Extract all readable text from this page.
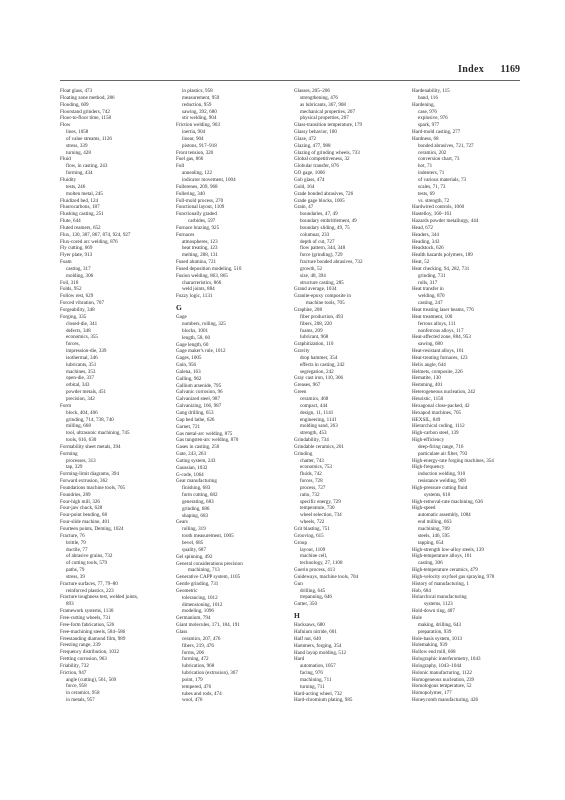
Index 1169
Float glass, 473
Floating zone method, 286
Flooding, 609
Floorstand grinders, 742
Floor-to-floor time, 1158
Flow
lines, 1058
of value streams, 1126
stress, 339
turning, 428
Fluid
flow, in casting, 243
forming, 434
Fluidity
tests, 246
molten metal, 245
Fluidized bed, 124
Fluorocarbons, 187
Flushing casting, 251
Flute, 644
Fluted reamers, 652
Flux, 130, 387, 867, 874, 924, 927
Flux-cored arc welding, 876
Fly cutting, 669
Flyer plate, 913
Foam
casting, 317
molding, 306
Foil, 318
Folds, 952
Follow rest, 629
Forced vibration, 707
Forgeability, 348
Forging, 335
closed-die, 341
defects, 348
economics, 355
forces,
impression-die, 339
isothermal, 346
lubricants, 351
machines, 353
open-die, 337
orbital, 343
powder metals, 451
precision, 342
Form
block, 404, 406
grinding, 714, 738, 740
milling, 668
tool, ultrasonic machining, 745
tools, 616, 630
Formability sheet metals, 394
Forming
processes, 313
tap, 329
Forming-limit diagrams, 394
Forward extrusion, 362
Foundations machine tools, 705
Foundries, 289
Four-high mill, 326
Four-jaw chuck, 628
Four-point bending, 68
Four-slide machine, 401
Fourteen points, Deming, 1024
Fracture, 76
brittle, 79
ductile, 77
of abrasive grains, 732
of cutting tools, 579
paths, 79
stress, 39
Fracture surfaces, 77, 79–80
reinforced plastics, 223
Fracture toughness test, welded joints,
893
Framework systems, 1130
Free-cutting wheels, 731
Free-form fabrication, 526
Free-machining steels, 584–586
Freestanding diamond film, 989
Freezing range, 239
Frequency distribution, 1032
Fretting corrosion, 963
Friability, 732
Friction, 947
angle (cutting), 561, 569
force, 958
in ceramics, 958
in metals, 957
in plastics, 958
measurement, 959
reduction, 959
sawing, 392, 680
stir welding, 904
Friction welding, 903
inertia, 904
linear, 904
pistons, 917–918
Front tension, 320
Fuel gas, 866
Full
annealing, 122
indicator movement, 1004
Fullerenes, 209, 968
Fullering, 340
Full-mold process, 270
Functional layout, 1109
Functionally graded
carbides, 597
Furnace brazing, 925
Furnaces
atmospheres, 123
heat treating, 123
melting, 288, 131
Fused alumina, 721
Fused deposition modeling, 510
Fusion welding, 863, 865
characteristics, 866
weld joints, 884
Fuzzy logic, 1131
G
Gage
numbers, rolling, 325
blocks, 1001
length, 58, 60
Gage length, 60
Gage maker's rule, 1012
Gages, 1005
Gain, 956
Galena, 163
Galling, 962
Gallium arsenide, 795
Galvanic corrosion, 96
Galvanized steel, 987
Galvanizing, 166, 987
Gang drilling, 653
Gap bed lathe, 626
Garnet, 721
Gas metal-arc welding, 875
Gas tungsten-arc welding, 870
Gases in casting, 250
Gate, 243, 263
Gating system, 243
Gaussian, 1032
G-code, 1064
Gear manufacturing
finishing, 683
form cutting, 682
generating, 683
grinding, 686
shaping, 683
Gears
rolling, 319
tooth measurement, 1005
bevel, 685
quality, 687
Gel spinning, 492
General considerations precision
machining, 713
Generative CAPP system, 1105
Gentle grinding, 731
Geometric
tolerancing, 1012
dimensioning, 1012
modeling, 1096
Germanium, 794
Giant molecules, 171, 184, 191
Glass
ceramics, 207, 476
fibers, 219, 476
forms, 206
forming, 472
lubrication, 968
lubrication (extrusion), 367
point, 179
tempered, 476
tubes and rods, 474
wool, 476
Glasses, 205–206
strengthening, 476
as lubricants, 367, 968
mechanical properties, 207
physical properties, 207
Glass-transition temperature, 179
Glassy behavior, 180
Glaze, 472
Glazing, 477, 988
Glazing of grinding wheels, 733
Global competitiveness, 32
Globular transfer, 876
GO gage, 1006
Gob glass, 474
Gold, 164
Grade bonded abrasives, 726
Grade gage blocks, 1005
Grain, 47
boundaries, 47, 49
boundary embrittlement, 49
boundary sliding, 49, 75
columnar, 233
depth of cut, 727
flow pattern, 344, 348
force (grinding), 729
fracture bonded abrasives, 732
growth, 52
size, 48, 394
structure casting, 285
Grand average, 1034
Granite-epoxy composite in
machine tools, 705
Graphite, 208
fiber production, 493
fibers, 208, 220
foams, 209
lubricant, 968
Graphitization, 110
Gravity
drop hammer, 354
effects in casting, 242
segregation, 242
Gray cast iron, 110, 306
Greases, 967
Green
ceramics, 468
compact, 444
design, 11, 1141
engineering, 1141
molding sand, 263
strength, 453
Grindability, 734
Grindable ceramics, 201
Grinding
chatter, 743
economics, 753
fluids, 742
forces, 728
process, 727
ratio, 732
specific energy, 729
temperature, 730
wheel selection, 734
wheels, 722
Grit blasting, 751
Grooving, 615
Group
layout, 1109
machine cell,
technology, 27, 1108
Guerin process, 413
Guideways, machine tools, 704
Gun
drilling, 645
trepanning, 646
Gutter, 350
H
Hacksaws, 680
Hafnium nitride, 601
Half nut, 640
Hammers, forging, 354
Hand layup molding, 512
Hard
automation, 1057
facing, 976
machining, 711
turning, 711
Hard-acting wheel, 732
Hard-chromium plating, 985
Hardenability, 115
band, 116
Hardening,
case, 976
explosive, 976
spark, 977
Hard-mold casting, 277
Hardness, 68
bonded abrasives, 721, 727
ceramics, 202
conversion chart, 73
hot, 71
indenters, 71
of various materials, 73
scales, 71, 73
tests, 69
vs. strength, 72
Hardwired controls, 1060
Hastelloy, 160–161
Hazards powder metallurgy, 444
Head, 672
Headers, 344
Heading, 343
Headstock, 626
Health hazards polymers, 189
Heat, 52
Heat checking, 94, 282, 731
grinding, 731
rolls, 317
Heat transfer in
welding, 870
casting, 247
Heat treating laser beams, 776
Heat treatment, 100
ferrous alloys, 111
nonferrous alloys, 117
Heat-affected zone, 884, 953
sawing, 680
Heat-resistant alloys, 161
Heat-treating furnaces, 123
Helix angle, 644
Helmets, composite, 226
Hematite, 130
Hemming, 401
Heterogeneous nucleation, 242
Heuristic, 1150
Hexagonal close-packed, 42
Hexapod machines, 705
HEXSIL, 849
Hierarchical coding, 1112
High-carbon steel, 139
High-efficiency
deep-firing range, 716
particulate air filter, 793
High-energy-rate forging machines, 354
High-frequency
induction welding, 910
resistance welding, 909
High-pressure cutting fluid
systems, 610
High-removal-rate machining, 636
High-speed
automatic assembly, 1084
end milling, 663
machining, 709
steels, 146, 595
tapping, 654
High-strength low-alloy steels, 139
High-temperature alloys, 161
casting, 306
High-temperature ceramics, 479
High-velocity oxyfuel gas spraying, 978
History of manufacturing, 1
Hob, 684
Holarchical manufacturing
systems, 1123
Hold-down ring, 407
Hole
making, drilling, 643
preparation, 939
Hole-basis system, 1013
Holemaking, 939
Hollow end mill, 668
Holographic interferometry, 1043
Holography, 1043–1044
Holonic manufacturing, 1122
Homogeneous nucleation, 239
Homologous temperature, 52
Homopolymer, 177
Honeycomb manufacturing, 426
